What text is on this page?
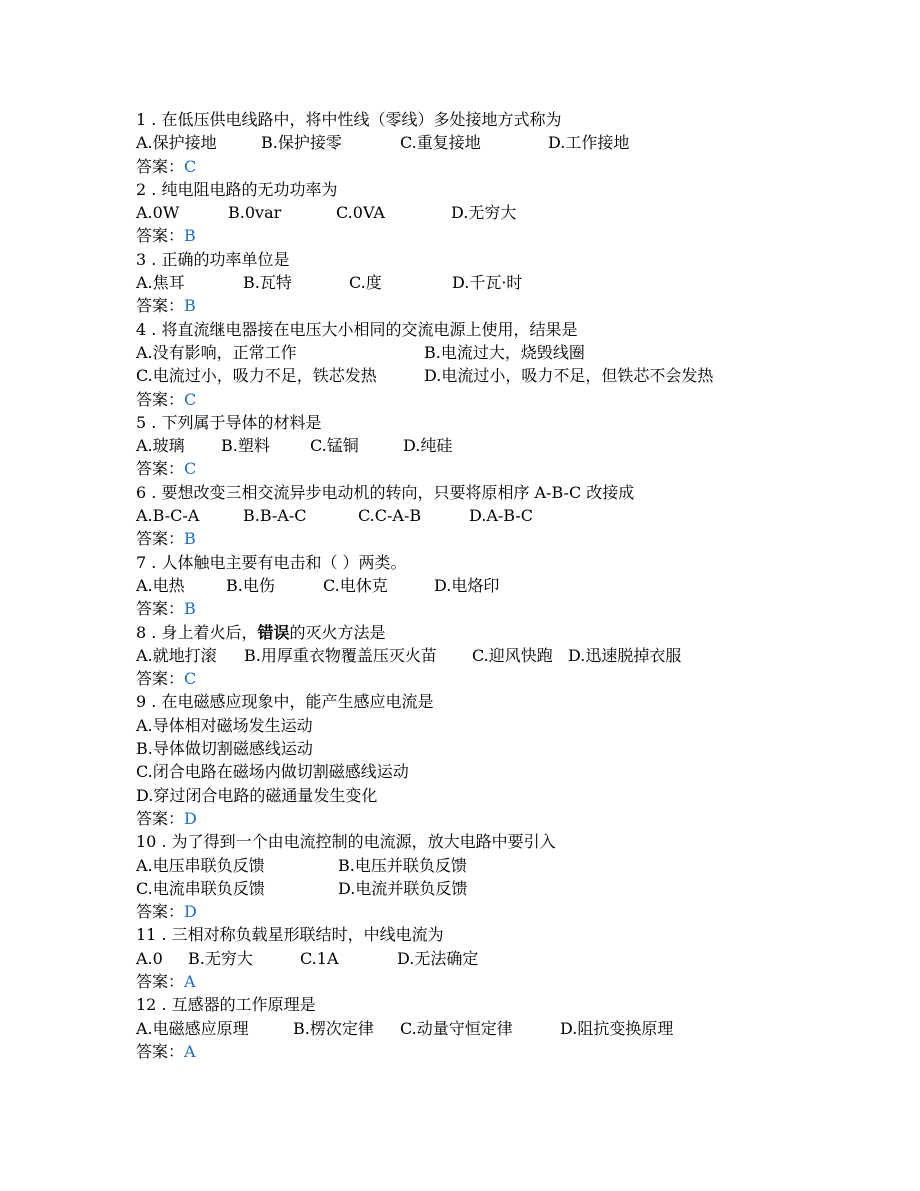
1 . 在低压供电线路中，将中性线（零线）多处接地方式称为
A.保护接地	B.保护接零	C.重复接地	D.工作接地
答案：C
2 . 纯电阻电路的无功功率为
A.0W	B.0var	C.0VA	D.无穷大
答案：B
3 . 正确的功率单位是
A.焦耳	B.瓦特	C.度	D.千瓦·时
答案：B
4 . 将直流继电器接在电压大小相同的交流电源上使用，结果是
A.没有影响，正常工作	B.电流过大，烧毁线圈
C.电流过小，吸力不足，铁芯发热	D.电流过小，吸力不足，但铁芯不会发热
答案：C
5 . 下列属于导体的材料是
A.玻璃 B.塑料	C.锰铜	D.纯硅
答案：C
6 . 要想改变三相交流异步电动机的转向，只要将原相序 A-B-C 改接成
A.B-C-A	B.B-A-C	C.C-A-B	D.A-B-C
答案：B
7 . 人体触电主要有电击和（ ）两类。
A.电热	B.电伤	C.电休克	D.电烙印
答案：B
8 . 身上着火后，错误的灭火方法是
A.就地打滚 B.用厚重衣物覆盖压灭火苗 C.迎风快跑 D.迅速脱掉衣服
答案：C
9 . 在电磁感应现象中，能产生感应电流是
A.导体相对磁场发生运动
B.导体做切割磁感线运动
C.闭合电路在磁场内做切割磁感线运动
D.穿过闭合电路的磁通量发生变化
答案：D
10 . 为了得到一个由电流控制的电流源，放大电路中要引入
A.电压串联负反馈	B.电压并联负反馈
C.电流串联负反馈	D.电流并联负反馈
答案：D
11 . 三相对称负载星形联结时，中线电流为
A.0 B.无穷大	C.1A	D.无法确定
答案：A
12 . 互感器的工作原理是
A.电磁感应原理	B.楞次定律 C.动量守恒定律	D.阻抗变换原理
答案：A
